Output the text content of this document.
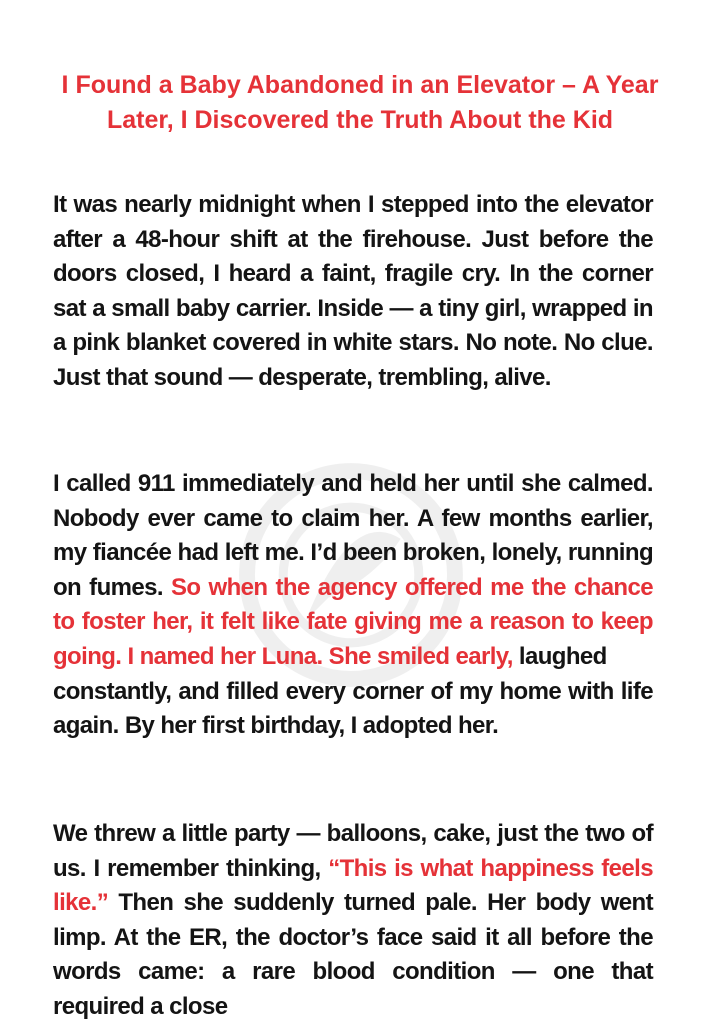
I Found a Baby Abandoned in an Elevator – A Year Later, I Discovered the Truth About the Kid
It was nearly midnight when I stepped into the elevator after a 48-hour shift at the firehouse. Just before the doors closed, I heard a faint, fragile cry. In the corner sat a small baby carrier. Inside — a tiny girl, wrapped in a pink blanket covered in white stars. No note. No clue. Just that sound — desperate, trembling, alive.
I called 911 immediately and held her until she calmed. Nobody ever came to claim her. A few months earlier, my fiancée had left me. I’d been broken, lonely, running on fumes. So when the agency offered me the chance to foster her, it felt like fate giving me a reason to keep going. I named her Luna. She smiled early, laughed
constantly, and filled every corner of my home with life again. By her first birthday, I adopted her.
We threw a little party — balloons, cake, just the two of us. I remember thinking, “This is what happiness feels like.” Then she suddenly turned pale. Her body went limp. At the ER, the doctor’s face said it all before the words came: a rare blood condition — one that required a close
